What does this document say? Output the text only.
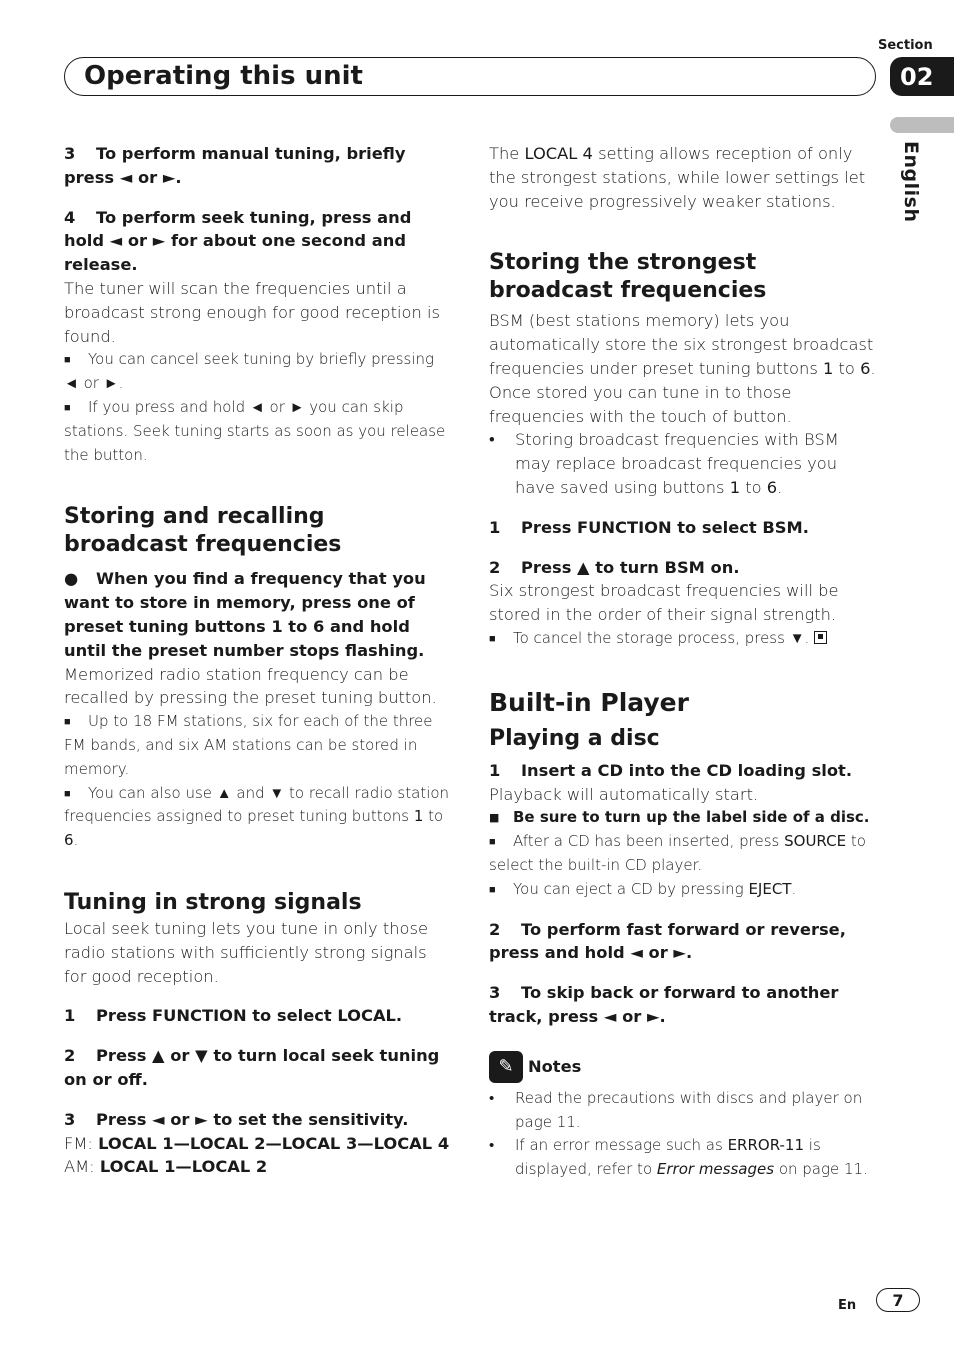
Section
02
Operating this unit
English

3 To perform manual tuning, briefly press ◄ or ►.

4 To perform seek tuning, press and hold ◄ or ► for about one second and release.

The tuner will scan the frequencies until a broadcast strong enough for good reception is found.

■ You can cancel seek tuning by briefly pressing ◄ or ►.

■ If you press and hold ◄ or ► you can skip stations. Seek tuning starts as soon as you release the button.

Storing and recalling broadcast frequencies

● When you find a frequency that you want to store in memory, press one of preset tuning buttons 1 to 6 and hold until the preset number stops flashing.

Memorized radio station frequency can be recalled by pressing the preset tuning button.

■ Up to 18 FM stations, six for each of the three FM bands, and six AM stations can be stored in memory.

■ You can also use ▲ and ▼ to recall radio station frequencies assigned to preset tuning buttons 1 to 6.

Tuning in strong signals

Local seek tuning lets you tune in only those radio stations with sufficiently strong signals for good reception.

1 Press FUNCTION to select LOCAL.

2 Press ▲ or ▼ to turn local seek tuning on or off.

3 Press ◄ or ► to set the sensitivity.

FM: LOCAL 1—LOCAL 2—LOCAL 3—LOCAL 4

AM: LOCAL 1—LOCAL 2

The LOCAL 4 setting allows reception of only the strongest stations, while lower settings let you receive progressively weaker stations.

Storing the strongest broadcast frequencies

BSM (best stations memory) lets you automatically store the six strongest broadcast frequencies under preset tuning buttons 1 to 6. Once stored you can tune in to those frequencies with the touch of button.

•	Storing broadcast frequencies with BSM may replace broadcast frequencies you have saved using buttons 1 to 6.

1 Press FUNCTION to select BSM.

2 Press ▲ to turn BSM on.

Six strongest broadcast frequencies will be stored in the order of their signal strength.

■ To cancel the storage process, press ▼.

Built-in Player

Playing a disc

1 Insert a CD into the CD loading slot.

Playback will automatically start.

■ Be sure to turn up the label side of a disc.

■ After a CD has been inserted, press SOURCE to select the built-in CD player.

■ You can eject a CD by pressing EJECT.

2 To perform fast forward or reverse, press and hold ◄ or ►.

3 To skip back or forward to another track, press ◄ or ►.

✎ Notes
•	Read the precautions with discs and player on page 11.
•	If an error message such as ERROR-11 is displayed, refer to Error messages on page 11.
En	7
